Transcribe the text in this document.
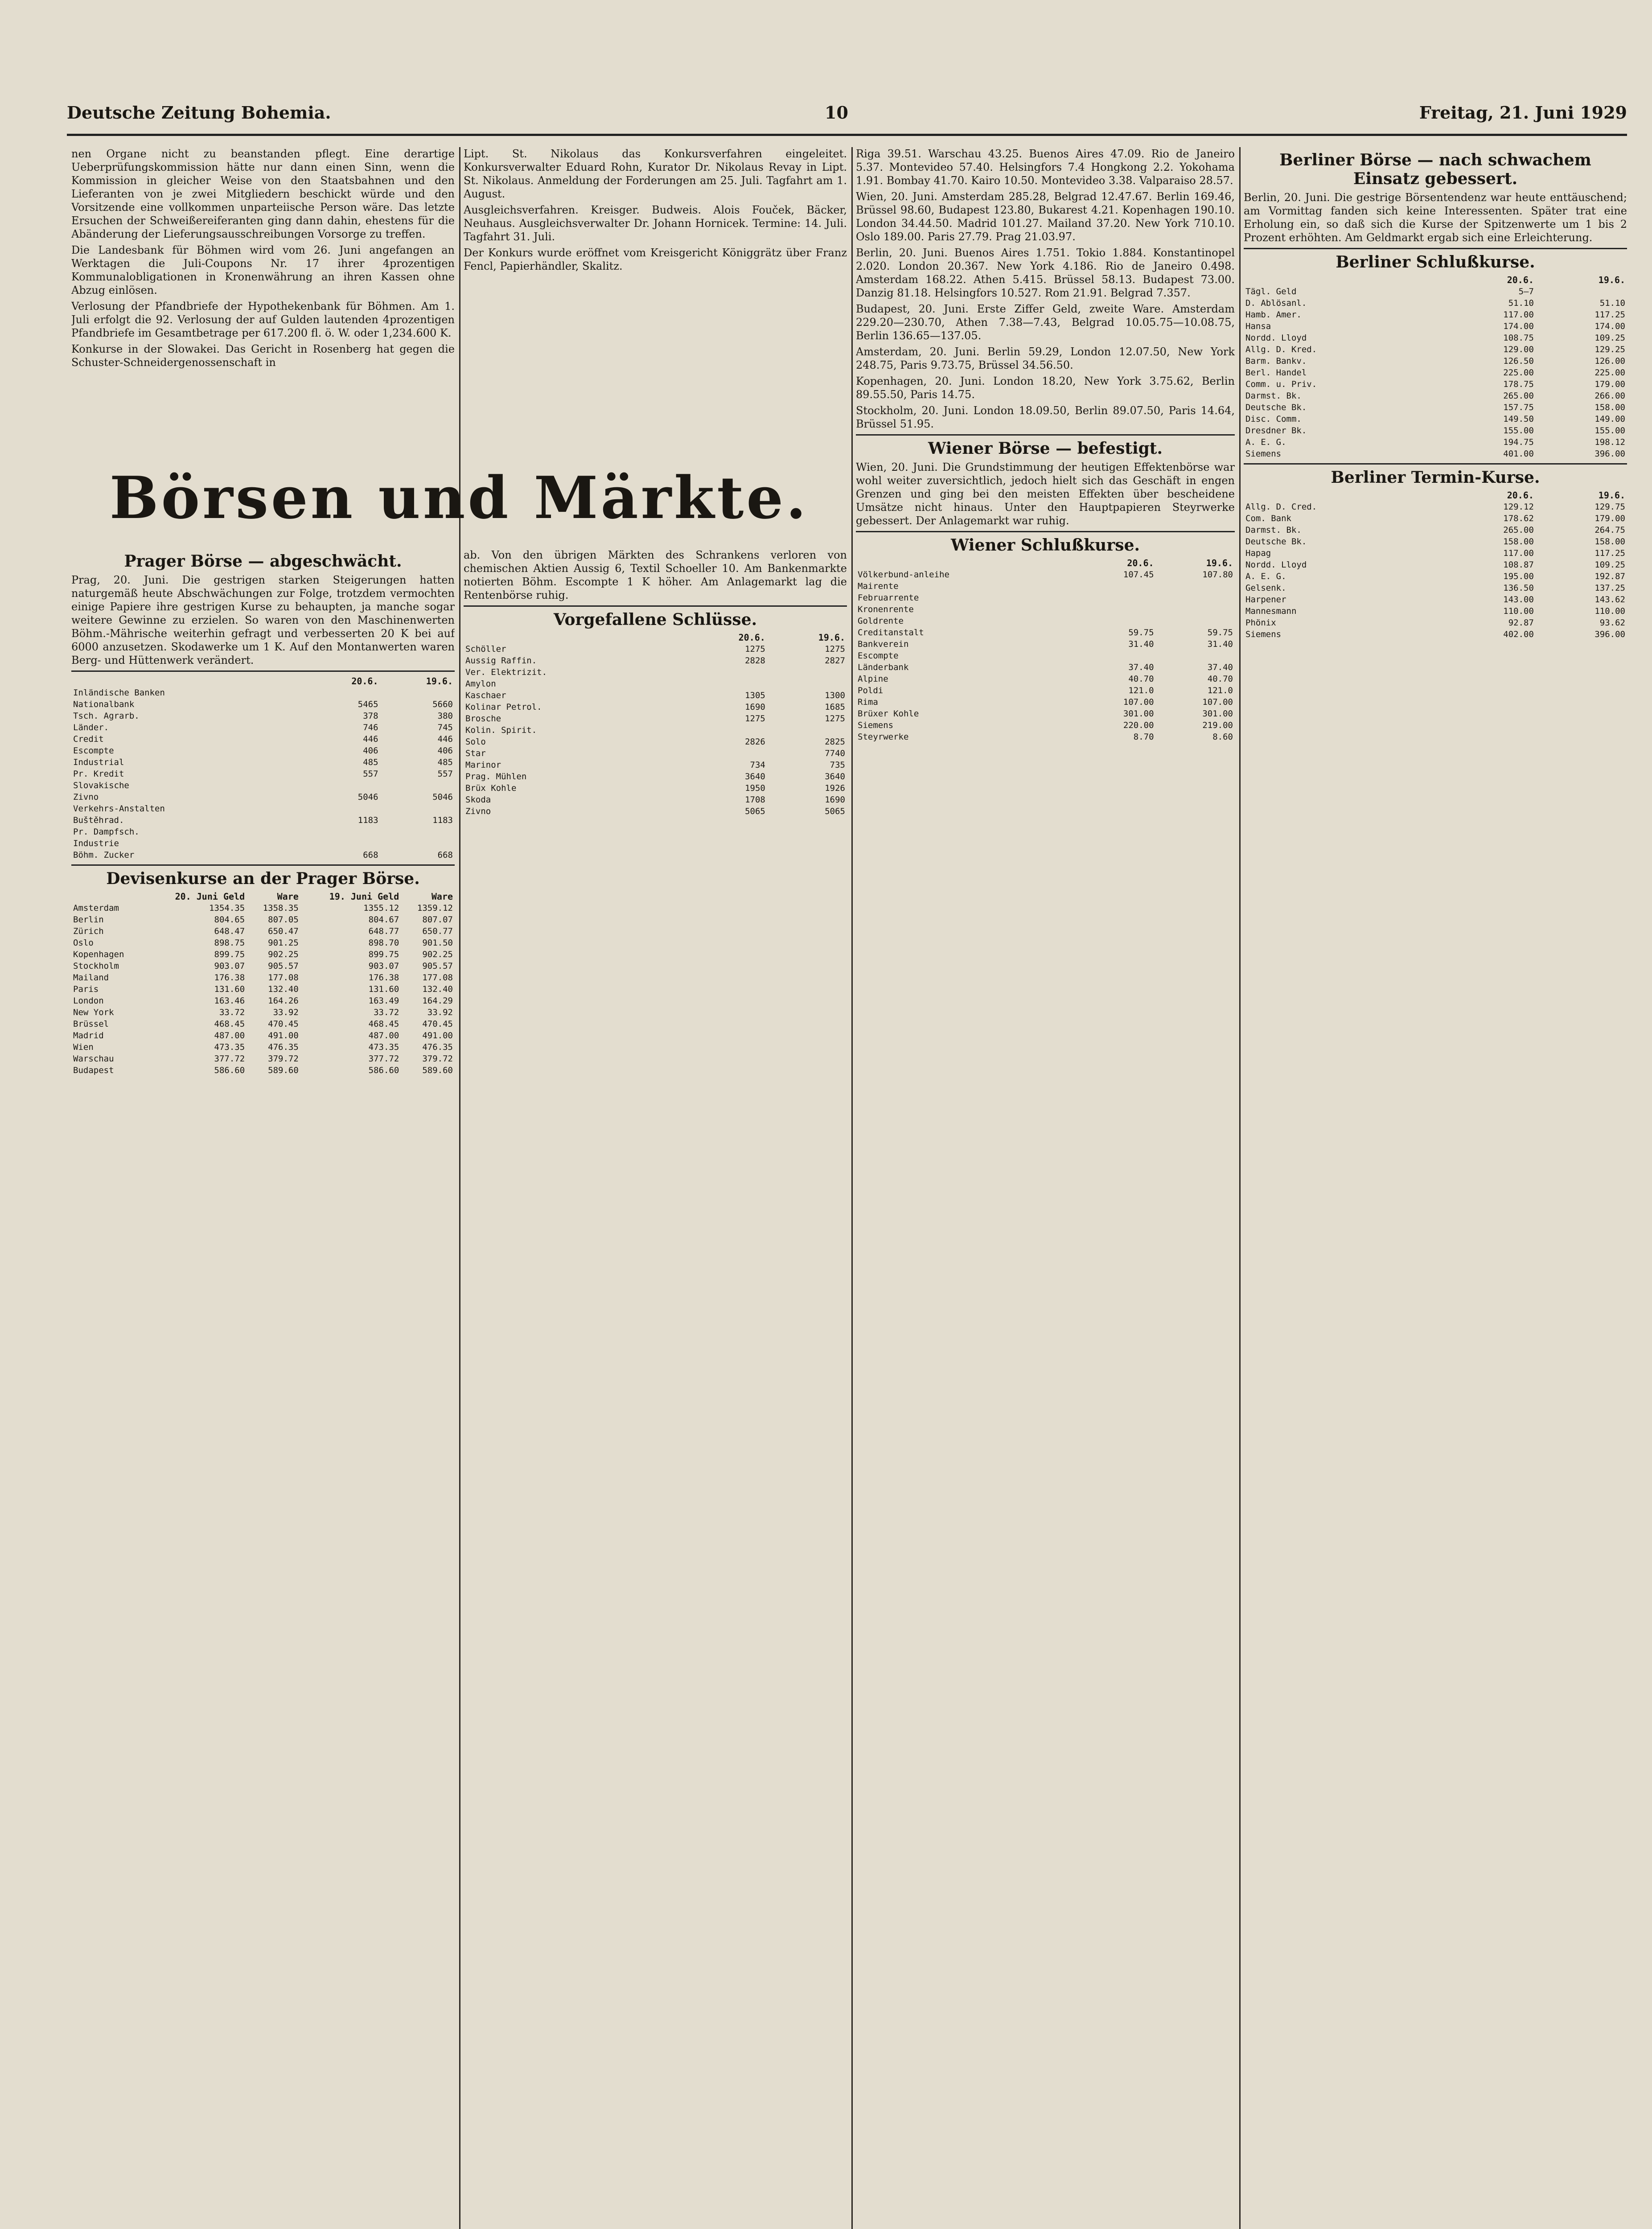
Deutsche Zeitung Bohemia.	10	Freitag, 21. Juni 1929

nen Organe nicht zu beanstanden pflegt. Eine derartige Ueberprüfungskommission hätte nur dann einen Sinn, wenn die Kommission in gleicher Weise von den Staatsbahnen und den Lieferanten von je zwei Mitgliedern beschickt würde und den Vorsitzende eine vollkommen unparteiische Person wäre. Das letzte Ersuchen der Schweißereiferanten ging dann dahin, ehestens für die Abänderung der Lieferungsausschreibungen Vorsorge zu treffen.

Die Landesbank für Böhmen wird vom 26. Juni angefangen an Werktagen die Juli-Coupons Nr. 17 ihrer 4prozentigen Kommunalobligationen in Kronenwährung an ihren Kassen ohne Abzug einlösen.

Verlosung der Pfandbriefe der Hypothekenbank für Böhmen. Am 1. Juli erfolgt die 92. Verlosung der auf Gulden lautenden 4prozentigen Pfandbriefe im Gesamtbetrage per 617.200 fl. ö. W. oder 1,234.600 K.

Konkurse in der Slowakei. Das Gericht in Rosenberg hat gegen die Schuster-Schneidergenossenschaft in

Lipt. St. Nikolaus das Konkursverfahren eingeleitet. Konkursverwalter Eduard Rohn, Kurator Dr. Nikolaus Revay in Lipt. St. Nikolaus. Anmeldung der Forderungen am 25. Juli. Tagfahrt am 1. August.

Ausgleichsverfahren. Kreisger. Budweis. Alois Fouček, Bäcker, Neuhaus. Ausgleichsverwalter Dr. Johann Hornicek. Termine: 14. Juli. Tagfahrt 31. Juli.

Der Konkurs wurde eröffnet vom Kreisgericht Königgrätz über Franz Fencl, Papierhändler, Skalitz.

Börsen und Märkte.
Prager Börse — abgeschwächt.

Prag, 20. Juni. Die gestrigen starken Steigerungen hatten naturgemäß heute Abschwächungen zur Folge, trotzdem vermochten einige Papiere ihre gestrigen Kurse zu behaupten, ja manche sogar weitere Gewinne zu erzielen. So waren von den Maschinenwerten Böhm.-Mährische weiterhin gefragt und verbesserten 20 K bei auf 6000 anzusetzen. Skodawerke um 1 K. Auf den Montanwerten waren Berg- und Hüttenwerk verändert.

	20.6.	19.6.
Inländische Banken		
Nationalbank	5465	5660
Tsch. Agrarb.	378	380
Länder.	746	745
Credit	446	446
Escompte	406	406
Industrial	485	485
Pr. Kredit	557	557
Slovakische		
Zivno	5046	5046
Verkehrs-Anstalten		
Buštěhrad.	1183	1183
Pr. Dampfsch.		
Industrie		
Böhm. Zucker	668	668
Devisenkurse an der Prager Börse.
	20. Juni Geld	Ware	19. Juni Geld	Ware
Amsterdam	1354.35	1358.35	1355.12	1359.12
Berlin	804.65	807.05	804.67	807.07
Zürich	648.47	650.47	648.77	650.77
Oslo	898.75	901.25	898.70	901.50
Kopenhagen	899.75	902.25	899.75	902.25
Stockholm	903.07	905.57	903.07	905.57
Mailand	176.38	177.08	176.38	177.08
Paris	131.60	132.40	131.60	132.40
London	163.46	164.26	163.49	164.29
New York	33.72	33.92	33.72	33.92
Brüssel	468.45	470.45	468.45	470.45
Madrid	487.00	491.00	487.00	491.00
Wien	473.35	476.35	473.35	476.35
Warschau	377.72	379.72	377.72	379.72
Budapest	586.60	589.60	586.60	589.60

ab. Von den übrigen Märkten des Schrankens verloren von chemischen Aktien Aussig 6, Textil Schoeller 10. Am Bankenmarkte notierten Böhm. Escompte 1 K höher. Am Anlagemarkt lag die Rentenbörse ruhig.

Vorgefallene Schlüsse.
	20.6.	19.6.
Schöller	1275	1275
Aussig Raffin.	2828	2827
Ver. Elektrizit.		
Amylon		
Kaschaer	1305	1300
Kolinar Petrol.	1690	1685
Brosche	1275	1275
Kolin. Spirit.		
Solo	2826	2825
Star		7740
Marinor	734	735
Prag. Mühlen	3640	3640
Brüx Kohle	1950	1926
Skoda	1708	1690
Zivno	5065	5065

Riga 39.51. Warschau 43.25. Buenos Aires 47.09. Rio de Janeiro 5.37. Montevideo 57.40. Helsingfors 7.4 Hongkong 2.2. Yokohama 1.91. Bombay 41.70. Kairo 10.50. Montevideo 3.38. Valparaiso 28.57.

Wien, 20. Juni. Amsterdam 285.28, Belgrad 12.47.67. Berlin 169.46, Brüssel 98.60, Budapest 123.80, Bukarest 4.21. Kopenhagen 190.10. London 34.44.50. Madrid 101.27. Mailand 37.20. New York 710.10. Oslo 189.00. Paris 27.79. Prag 21.03.97.

Berlin, 20. Juni. Buenos Aires 1.751. Tokio 1.884. Konstantinopel 2.020. London 20.367. New York 4.186. Rio de Janeiro 0.498. Amsterdam 168.22. Athen 5.415. Brüssel 58.13. Budapest 73.00. Danzig 81.18. Helsingfors 10.527. Rom 21.91. Belgrad 7.357.

Budapest, 20. Juni. Erste Ziffer Geld, zweite Ware. Amsterdam 229.20—230.70, Athen 7.38—7.43, Belgrad 10.05.75—10.08.75, Berlin 136.65—137.05.

Amsterdam, 20. Juni. Berlin 59.29, London 12.07.50, New York 248.75, Paris 9.73.75, Brüssel 34.56.50.

Kopenhagen, 20. Juni. London 18.20, New York 3.75.62, Berlin 89.55.50, Paris 14.75.

Stockholm, 20. Juni. London 18.09.50, Berlin 89.07.50, Paris 14.64, Brüssel 51.95.

Wiener Börse — befestigt.

Wien, 20. Juni. Die Grundstimmung der heutigen Effektenbörse war wohl weiter zuversichtlich, jedoch hielt sich das Geschäft in engen Grenzen und ging bei den meisten Effekten über bescheidene Umsätze nicht hinaus. Unter den Hauptpapieren Steyrwerke gebessert. Der Anlagemarkt war ruhig.

Wiener Schlußkurse.
	20.6.	19.6.
Völkerbund-anleihe	107.45	107.80
Mairente		
Februarrente		
Kronenrente		
Goldrente		
Creditanstalt	59.75	59.75
Bankverein	31.40	31.40
Escompte		
Länderbank	37.40	37.40
Alpine	40.70	40.70
Poldi	121.0	121.0
Rima	107.00	107.00
Brüxer Kohle	301.00	301.00
Siemens	220.00	219.00
Steyrwerke	8.70	8.60
Berliner Börse — nach schwachem Einsatz gebessert.

Berlin, 20. Juni. Die gestrige Börsentendenz war heute enttäuschend; am Vormittag fanden sich keine Interessenten. Später trat eine Erholung ein, so daß sich die Kurse der Spitzenwerte um 1 bis 2 Prozent erhöhten. Am Geldmarkt ergab sich eine Erleichterung.

Berliner Schlußkurse.
	20.6.	19.6.
Tägl. Geld	5—7	
D. Ablösanl.	51.10	51.10
Hamb. Amer.	117.00	117.25
Hansa	174.00	174.00
Nordd. Lloyd	108.75	109.25
Allg. D. Kred.	129.00	129.25
Barm. Bankv.	126.50	126.00
Berl. Handel	225.00	225.00
Comm. u. Priv.	178.75	179.00
Darmst. Bk.	265.00	266.00
Deutsche Bk.	157.75	158.00
Disc. Comm.	149.50	149.00
Dresdner Bk.	155.00	155.00
A. E. G.	194.75	198.12
Siemens	401.00	396.00
Berliner Termin-Kurse.
	20.6.	19.6.
Allg. D. Cred.	129.12	129.75
Com. Bank	178.62	179.00
Darmst. Bk.	265.00	264.75
Deutsche Bk.	158.00	158.00
Hapag	117.00	117.25
Nordd. Lloyd	108.87	109.25
A. E. G.	195.00	192.87
Gelsenk.	136.50	137.25
Harpener	143.00	143.62
Mannesmann	110.00	110.00
Phönix	92.87	93.62
Siemens	402.00	396.00
